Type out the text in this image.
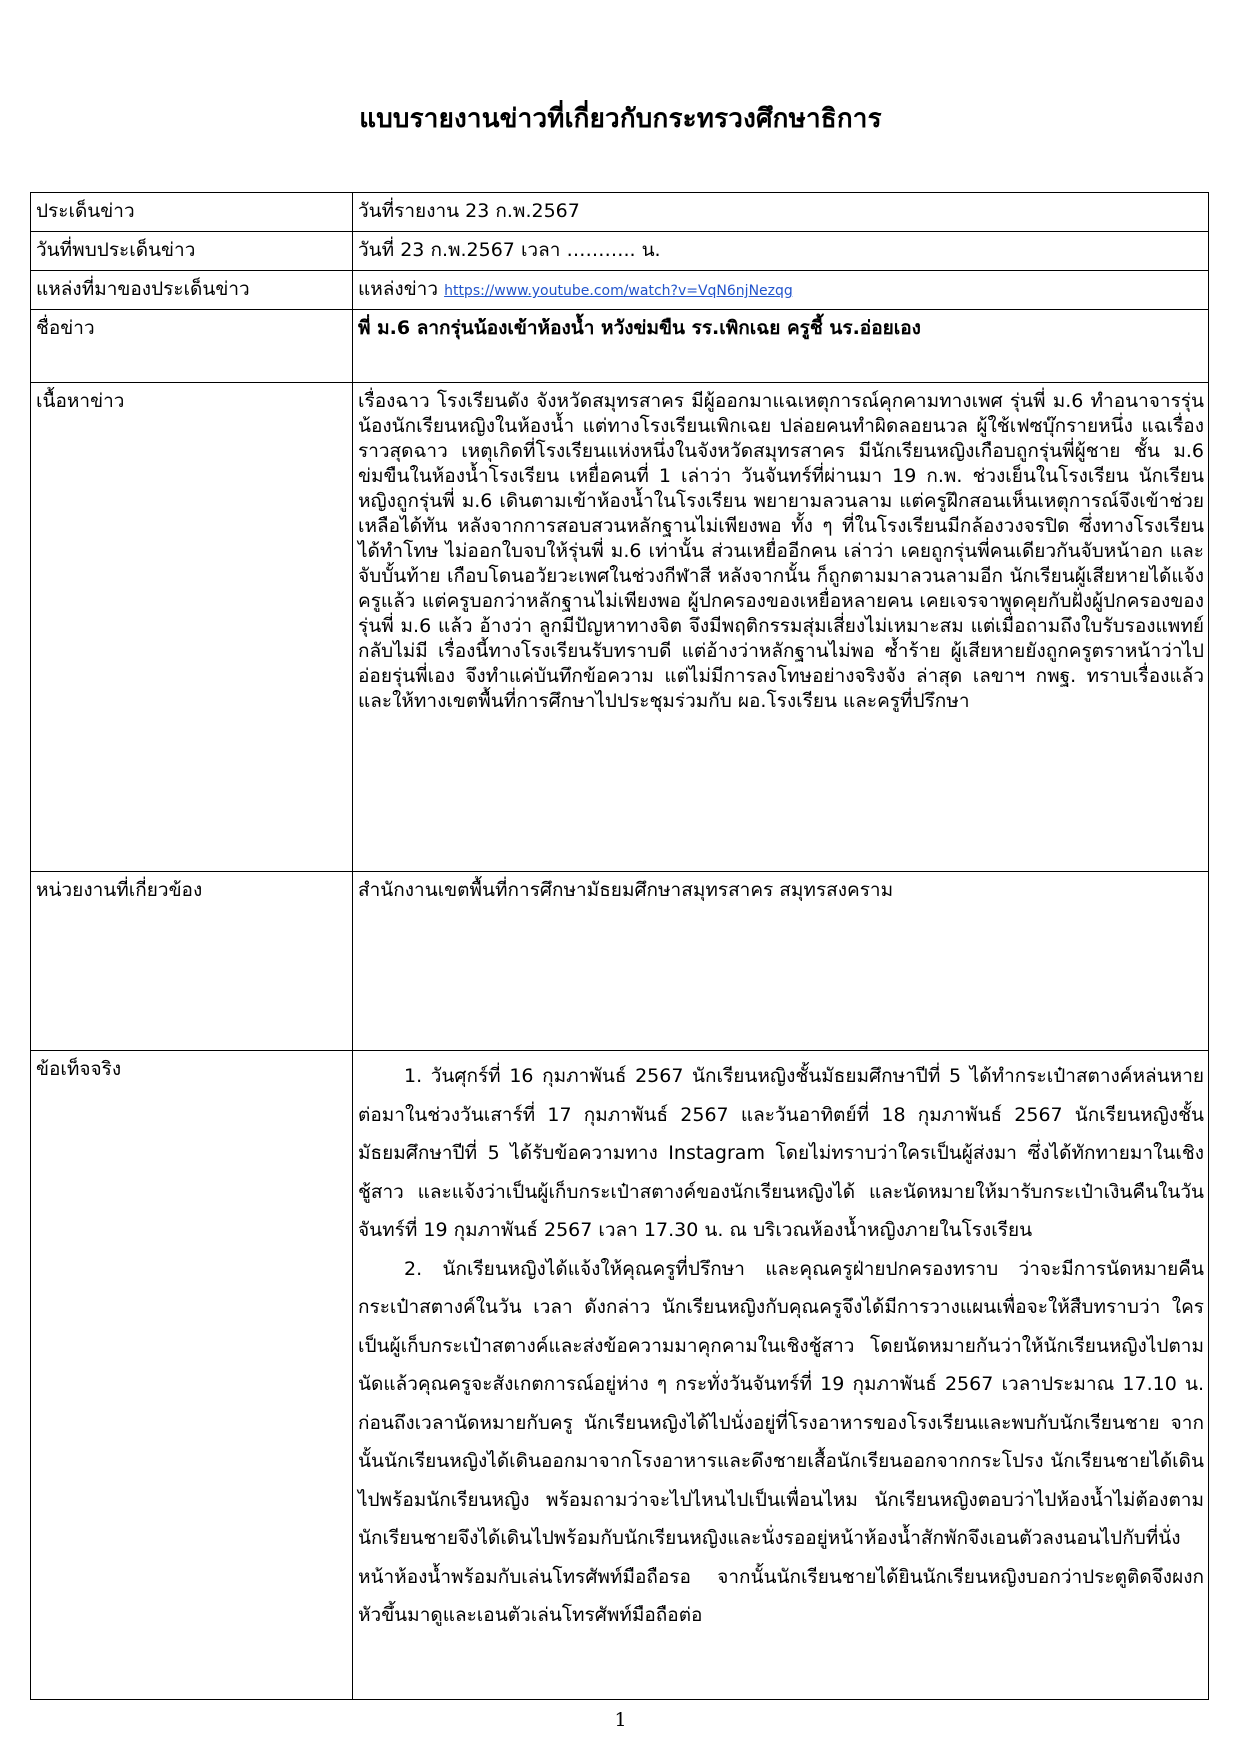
แบบรายงานข่าวที่เกี่ยวกับกระทรวงศึกษาธิการ
ประเด็นข่าว	วันที่รายงาน 23 ก.พ.2567
วันที่พบประเด็นข่าว	วันที่ 23 ก.พ.2567 เวลา ……….. น.
แหล่งที่มาของประเด็นข่าว	แหล่งข่าว https://www.youtube.com/watch?v=VqN6njNezqg
ชื่อข่าว	พี่ ม.6 ลากรุ่นน้องเข้าห้องน้ำ หวังข่มขืน รร.เพิกเฉย ครูชี้ นร.อ่อยเอง
เนื้อหาข่าว	เรื่องฉาว โรงเรียนดัง จังหวัดสมุทรสาคร มีผู้ออกมาแฉเหตุการณ์คุกคามทางเพศ รุ่นพี่ ม.6 ทำอนาจารรุ่นน้องนักเรียนหญิงในห้องน้ำ แต่ทางโรงเรียนเพิกเฉย ปล่อยคนทำผิดลอยนวล ผู้ใช้เฟซบุ๊กรายหนึ่ง แฉเรื่องราวสุดฉาว เหตุเกิดที่โรงเรียนแห่งหนึ่งในจังหวัดสมุทรสาคร มีนักเรียนหญิงเกือบถูกรุ่นพี่ผู้ชาย ชั้น ม.6 ข่มขืนในห้องน้ำโรงเรียน เหยื่อคนที่ 1 เล่าว่า วันจันทร์ที่ผ่านมา 19 ก.พ. ช่วงเย็นในโรงเรียน นักเรียนหญิงถูกรุ่นพี่ ม.6 เดินตามเข้าห้องน้ำในโรงเรียน พยายามลวนลาม แต่ครูฝึกสอนเห็นเหตุการณ์จึงเข้าช่วยเหลือได้ทัน หลังจากการสอบสวนหลักฐานไม่เพียงพอ ทั้ง ๆ ที่ในโรงเรียนมีกล้องวงจรปิด ซึ่งทางโรงเรียนได้ทำโทษ ไม่ออกใบจบให้รุ่นพี่ ม.6 เท่านั้น ส่วนเหยื่ออีกคน เล่าว่า เคยถูกรุ่นพี่คนเดียวกันจับหน้าอก และจับบั้นท้าย เกือบโดนอวัยวะเพศในช่วงกีฬาสี หลังจากนั้น ก็ถูกตามมาลวนลามอีก นักเรียนผู้เสียหายได้แจ้งครูแล้ว แต่ครูบอกว่าหลักฐานไม่เพียงพอ ผู้ปกครองของเหยื่อหลายคน เคยเจรจาพูดคุยกับฝั่งผู้ปกครองของรุ่นพี่ ม.6 แล้ว อ้างว่า ลูกมีปัญหาทางจิต จึงมีพฤติกรรมสุ่มเสี่ยงไม่เหมาะสม แต่เมื่อถามถึงใบรับรองแพทย์ กลับไม่มี เรื่องนี้ทางโรงเรียนรับทราบดี แต่อ้างว่าหลักฐานไม่พอ ซ้ำร้าย ผู้เสียหายยังถูกครูตราหน้าว่าไปอ่อยรุ่นพี่เอง จึงทำแค่บันทึกข้อความ แต่ไม่มีการลงโทษอย่างจริงจัง ล่าสุด เลขาฯ กพฐ. ทราบเรื่องแล้ว และให้ทางเขตพื้นที่การศึกษาไปประชุมร่วมกับ ผอ.โรงเรียน และครูที่ปรึกษา
หน่วยงานที่เกี่ยวข้อง	สำนักงานเขตพื้นที่การศึกษามัธยมศึกษาสมุทรสาคร สมุทรสงคราม
ข้อเท็จจริง	1. วันศุกร์ที่ 16 กุมภาพันธ์ 2567 นักเรียนหญิงชั้นมัธยมศึกษาปีที่ 5 ได้ทำกระเป๋าสตางค์หล่นหาย ต่อมาในช่วงวันเสาร์ที่ 17 กุมภาพันธ์ 2567 และวันอาทิตย์ที่ 18 กุมภาพันธ์ 2567 นักเรียนหญิงชั้นมัธยมศึกษาปีที่ 5 ได้รับข้อความทาง Instagram โดยไม่ทราบว่าใครเป็นผู้ส่งมา ซึ่งได้ทักทายมาในเชิงชู้สาว และแจ้งว่าเป็นผู้เก็บกระเป๋าสตางค์ของนักเรียนหญิงได้ และนัดหมายให้มารับกระเป๋าเงินคืนในวันจันทร์ที่ 19 กุมภาพันธ์ 2567 เวลา 17.30 น. ณ บริเวณห้องน้ำหญิงภายในโรงเรียน

2. นักเรียนหญิงได้แจ้งให้คุณครูที่ปรึกษา และคุณครูฝ่ายปกครองทราบ ว่าจะมีการนัดหมายคืนกระเป๋าสตางค์ในวัน เวลา ดังกล่าว นักเรียนหญิงกับคุณครูจึงได้มีการวางแผนเพื่อจะให้สืบทราบว่า ใครเป็นผู้เก็บกระเป๋าสตางค์และส่งข้อความมาคุกคามในเชิงชู้สาว โดยนัดหมายกันว่าให้นักเรียนหญิงไปตามนัดแล้วคุณครูจะสังเกตการณ์อยู่ห่าง ๆ กระทั่งวันจันทร์ที่ 19 กุมภาพันธ์ 2567 เวลาประมาณ 17.10 น. ก่อนถึงเวลานัดหมายกับครู นักเรียนหญิงได้ไปนั่งอยู่ที่โรงอาหารของโรงเรียนและพบกับนักเรียนชาย จากนั้นนักเรียนหญิงได้เดินออกมาจากโรงอาหารและดึงชายเสื้อนักเรียนออกจากกระโปรง นักเรียนชายได้เดินไปพร้อมนักเรียนหญิง พร้อมถามว่าจะไปไหนไปเป็นเพื่อนไหม นักเรียนหญิงตอบว่าไปห้องน้ำไม่ต้องตาม นักเรียนชายจึงได้เดินไปพร้อมกับนักเรียนหญิงและนั่งรออยู่หน้าห้องน้ำสักพักจึงเอนตัวลงนอนไปกับที่นั่งหน้าห้องน้ำพร้อมกับเล่นโทรศัพท์มือถือรอ จากนั้นนักเรียนชายได้ยินนักเรียนหญิงบอกว่าประตูติดจึงผงกหัวขึ้นมาดูและเอนตัวเล่นโทรศัพท์มือถือต่อ

1
